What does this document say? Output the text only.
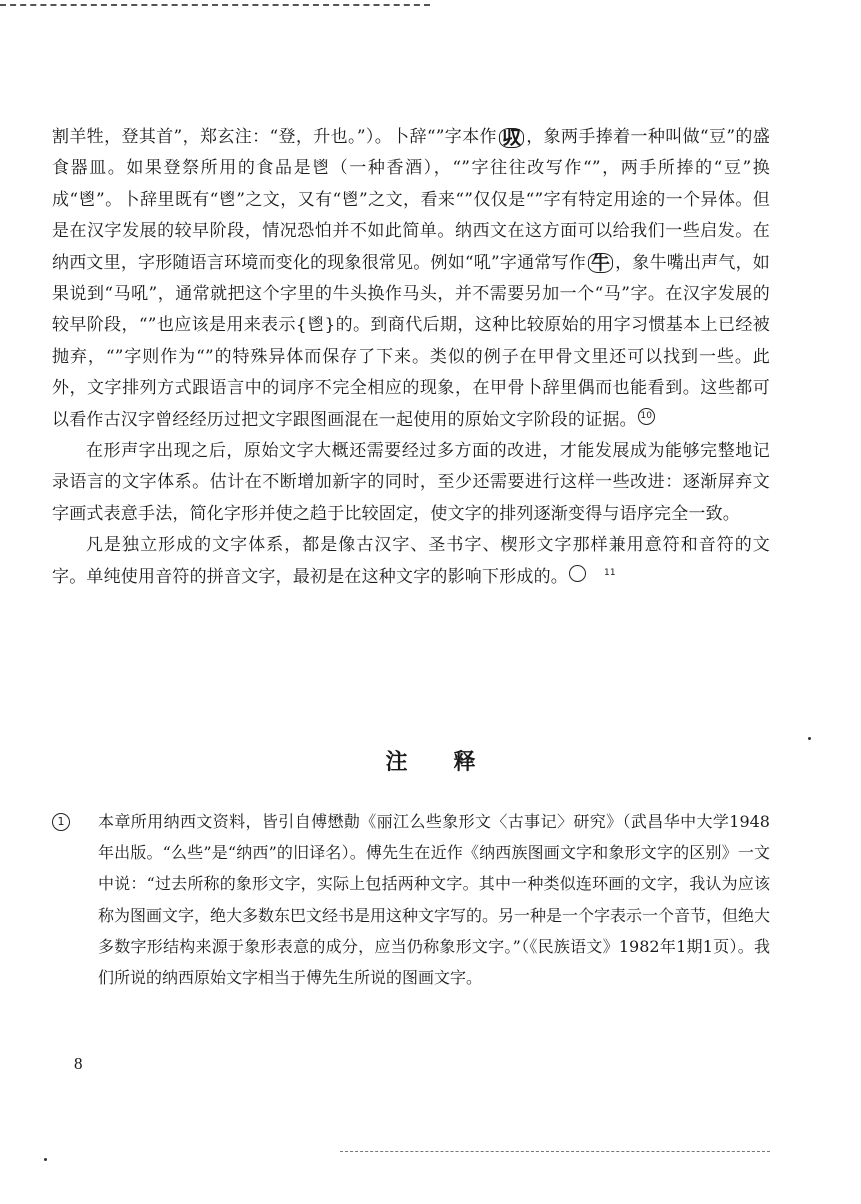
割羊牲，登其首”，郑玄注：“登，升也。”）。卜辞“”字本作 𠬞 ，象两手捧着一种叫做“豆”的盛食器皿。如果登祭所用的食品是鬯（一种香酒），“”字往往改写作“”，两手所捧的“豆”换成“鬯”。卜辞里既有“鬯”之文，又有“鬯”之文，看来“”仅仅是“”字有特定用途的一个异体。但是在汉字发展的较早阶段，情况恐怕并不如此简单。纳西文在这方面可以给我们一些启发。在纳西文里，字形随语言环境而变化的现象很常见。例如“吼”字通常写作 牛 ，象牛嘴出声气，如果说到“马吼”，通常就把这个字里的牛头换作马头，并不需要另加一个“马”字。在汉字发展的较早阶段，“”也应该是用来表示{鬯}的。到商代后期，这种比较原始的用字习惯基本上已经被抛弃，“”字则作为“”的特殊异体而保存了下来。类似的例子在甲骨文里还可以找到一些。此外，文字排列方式跟语言中的词序不完全相应的现象，在甲骨卜辞里偶而也能看到。这些都可以看作古汉字曾经经历过把文字跟图画混在一起使用的原始文字阶段的证据。 10

在形声字出现之后，原始文字大概还需要经过多方面的改进，才能发展成为能够完整地记录语言的文字体系。估计在不断增加新字的同时，至少还需要进行这样一些改进：逐渐屏弃文字画式表意手法，简化字形并使之趋于比较固定，使文字的排列逐渐变得与语序完全一致。

凡是独立形成的文字体系，都是像古汉字、圣书字、楔形文字那样兼用意符和音符的文字。单纯使用音符的拼音文字，最初是在这种文字的影响下形成的。	11

注释
1	本章所用纳西文资料，皆引自傅懋勣《丽江么些象形文〈古事记〉研究》（武昌华中大学1948年出版。“么些”是“纳西”的旧译名）。傅先生在近作《纳西族图画文字和象形文字的区别》一文中说：“过去所称的象形文字，实际上包括两种文字。其中一种类似连环画的文字，我认为应该称为图画文字，绝大多数东巴文经书是用这种文字写的。另一种是一个字表示一个音节，但绝大多数字形结构来源于象形表意的成分，应当仍称象形文字。”（《民族语文》1982年1期1页）。我们所说的纳西原始文字相当于傅先生所说的图画文字。
8
